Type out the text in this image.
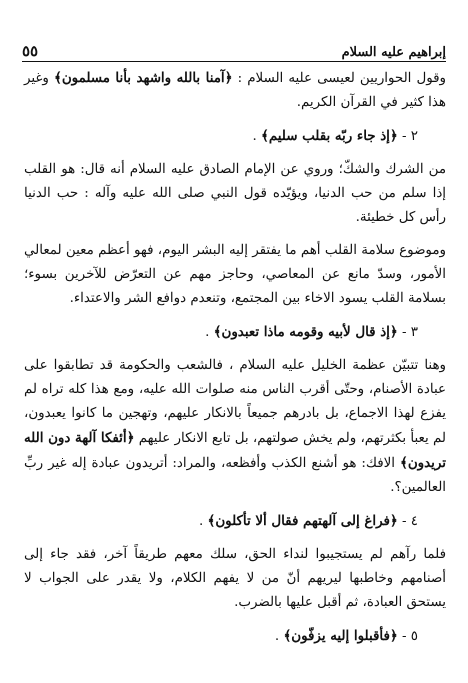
إبراهيم عليه السلام
٥٥

وقول الحواريين لعيسى عليه السلام : ﴿آمنا بالله واشهد بأنا مسلمون﴾ وغير هذا كثير في القرآن الكريم.

٢ - ﴿إذ جاء ربّه بقلب سليم﴾ .

من الشرك والشكّ؛ وروي عن الإمام الصادق عليه السلام أنه قال: هو القلب إذا سلم من حب الدنيا، ويؤيّده قول النبي صلى الله عليه وآله : حب الدنيا رأس كل خطيئة.

وموضوع سلامة القلب أهم ما يفتقر إليه البشر اليوم، فهو أعظم معين لمعالي الأمور، وسدّ مانع عن المعاصي، وحاجز مهم عن التعرّض للآخرين بسوء؛ بسلامة القلب يسود الاخاء بين المجتمع، وتنعدم دوافع الشر والاعتداء.

٣ - ﴿إذ قال لأبيه وقومه ماذا تعبدون﴾ .

وهنا تتبيّن عظمة الخليل عليه السلام ، فالشعب والحكومة قد تطابقوا على عبادة الأصنام، وحتّى أقرب الناس منه صلوات الله عليه، ومع هذا كله تراه لم يفزع لهذا الاجماع، بل بادرهم جميعاً بالانكار عليهم، وتهجين ما كانوا يعبدون، لم يعبأ بكثرتهم، ولم يخش صولتهم، بل تابع الانكار عليهم ﴿أئفكا آلهة دون الله تريدون﴾ الافك: هو أشنع الكذب وأفظعه، والمراد: أتريدون عبادة إله غير ربِّ العالمين؟.

٤ - ﴿فراغ إلى آلهتهم فقال ألا تأكلون﴾ .

فلما رآهم لم يستجيبوا لنداء الحق، سلك معهم طريقاً آخر، فقد جاء إلى أصنامهم وخاطبها ليريهم أنّ من لا يفهم الكلام، ولا يقدر على الجواب لا يستحق العبادة، ثم أقبل عليها بالضرب.

٥ - ﴿فأقبلوا إليه يزفّون﴾ .
